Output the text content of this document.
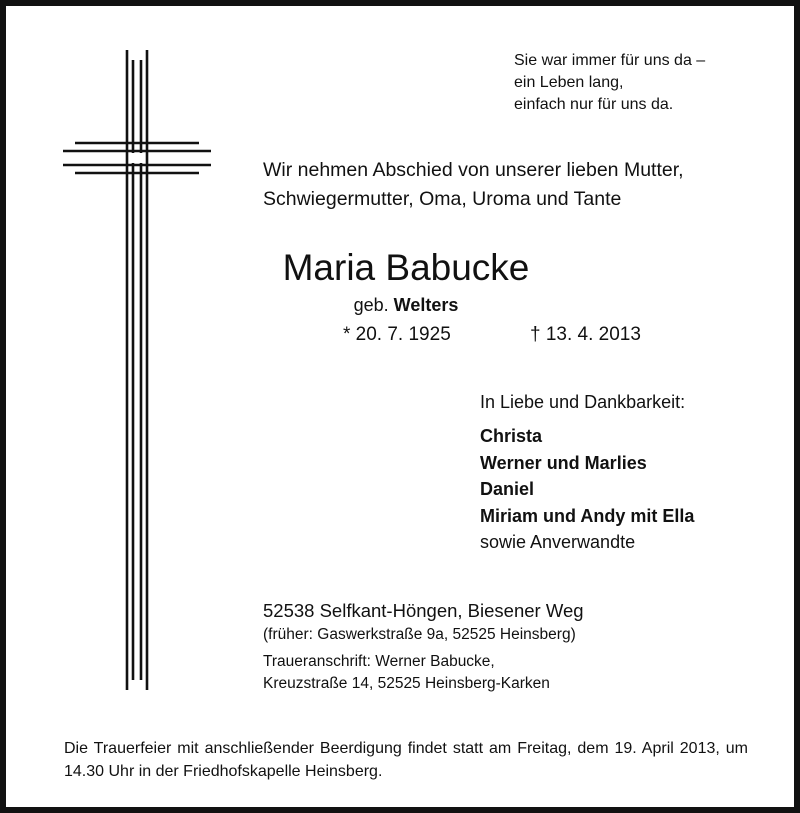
Sie war immer für uns da –
ein Leben lang,
einfach nur für uns da.
Wir nehmen Abschied von unserer lieben Mutter,
Schwiegermutter, Oma, Uroma und Tante
Maria Babucke
geb. Welters
* 20. 7. 1925	† 13. 4. 2013
In Liebe und Dankbarkeit:
Christa
Werner und Marlies
Daniel
Miriam und Andy mit Ella
sowie Anverwandte
52538 Selfkant-Höngen, Biesener Weg
(früher: Gaswerkstraße 9a, 52525 Heinsberg)
Traueranschrift: Werner Babucke,
Kreuzstraße 14, 52525 Heinsberg-Karken
Die Trauerfeier mit anschließender Beerdigung findet statt am Freitag, dem 19. April 2013, um 14.30 Uhr in der Friedhofskapelle Heinsberg.
